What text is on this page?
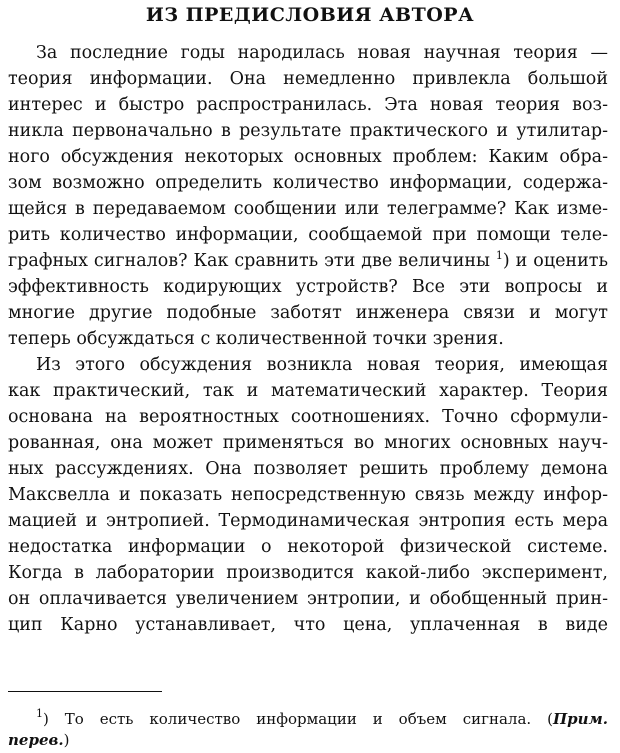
ИЗ ПРЕДИСЛОВИЯ АВТОРА

За последние годы народилась новая научная теория —

теория информации. Она немедленно привлекла большой

интерес и быстро распространилась. Эта новая теория воз-

никла первоначально в результате практического и утилитар-

ного обсуждения некоторых основных проблем: Каким обра-

зом возможно определить количество информации, содержа-

щейся в передаваемом сообщении или телеграмме? Как изме-

рить количество информации, сообщаемой при помощи теле-

графных сигналов? Как сравнить эти две величины $^1$) и оценить

эффективность кодирующих устройств? Все эти вопросы и

многие другие подобные заботят инженера связи и могут

теперь обсуждаться с количественной точки зрения.

Из этого обсуждения возникла новая теория, имеющая

как практический, так и математический характер. Теория

основана на вероятностных соотношениях. Точно сформули-

рованная, она может применяться во многих основных науч-

ных рассуждениях. Она позволяет решить проблему демона

Максвелла и показать непосредственную связь между инфор-

мацией и энтропией. Термодинамическая энтропия есть мера

недостатка информации о некоторой физической системе.

Когда в лаборатории производится какой-либо эксперимент,

он оплачивается увеличением энтропии, и обобщенный прин-

цип Карно устанавливает, что цена, уплаченная в виде

$^1$) То есть количество информации и объем сигнала. (Прим.

перев.)
